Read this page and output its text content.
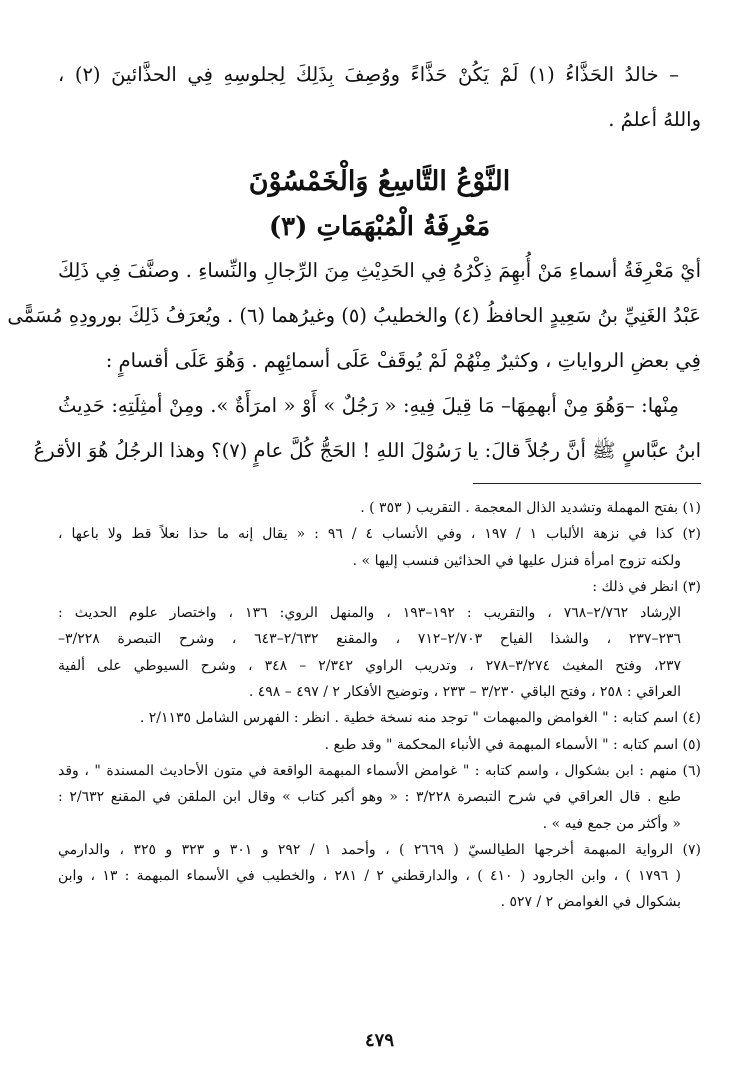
– خالدُ الحَذَّاءُ (١) لَمْ يَكُنْ حَذَّاءً ووُصِفَ بِذَلِكَ لِجلوسِهِ فِي الحذَّائينَ (٢) ،
واللهُ أعلمُ .
النَّوْعُ التَّاسِعُ وَالْخَمْسُوْنَ
مَعْرِفَةُ الْمُبْهَمَاتِ (٣)
أيْ مَعْرِفَةُ أسماءِ مَنْ أُبهِمَ ذِكْرُهُ فِي الحَدِيْثِ مِنَ الرِّجالِ والنِّساءِ . وصنَّفَ فِي ذَلِكَ
عَبْدُ الغَنِيِّ بنُ سَعِيدٍ الحافظُ (٤) والخطيبُ (٥) وغيرُهما (٦) . ويُعرَفُ ذَلِكَ بورودِهِ مُسَمًّى
فِي بعضِ الرواياتِ ، وكثيرٌ مِنْهُمْ لَمْ يُوقَفْ عَلَى أسمائِهِم . وَهُوَ عَلَى أقسامٍ :
مِنْها: –وَهُوَ مِنْ أبهمِهَا– مَا قِيلَ فِيهِ: « رَجُلٌ » أَوْ « امرَأَةٌ ». ومِنْ أمثِلَتِهِ: حَدِيثُ
ابنُ عبَّاسٍ ﷺ أنَّ رجُلاً قالَ: يا رَسُوْلَ اللهِ ! الحَجُّ كُلَّ عامٍ (٧)؟ وهذا الرجُلُ هُوَ الأقرعُ
(١) بفتح المهملة وتشديد الذال المعجمة . التقريب ( ٣٥٣ ) .
(٢) كذا في نزهة الألباب ١ / ١٩٧ ، وفي الأنساب ٤ / ٩٦ : « يقال إنه ما حذا نعلاً قط ولا باعها ،
ولكنه تزوج امرأة فنزل عليها في الحذائين فنسب إليها » .
(٣) انظر في ذلك :
الإرشاد ٢/٧٦٢–٧٦٨ ، والتقريب : ١٩٢–١٩٣ ، والمنهل الروي: ١٣٦ ، واختصار علوم الحديث :
٢٣٦–٢٣٧ ، والشذا الفياح ٢/٧٠٣–٧١٢ ، والمقنع ٢/٦٣٢–٦٤٣ ، وشرح التبصرة ٣/٢٢٨–
٢٣٧، وفتح المغيث ٣/٢٧٤–٢٧٨ ، وتدريب الراوي ٢/٣٤٢ – ٣٤٨ ، وشرح السيوطي على ألفية
العراقي : ٢٥٨ ، وفتح الباقي ٣/٢٣٠ – ٢٣٣ ، وتوضيح الأفكار ٢ / ٤٩٧ – ٤٩٨ .
(٤) اسم كتابه : " الغوامض والمبهمات " توجد منه نسخة خطية . انظر : الفهرس الشامل ٢/١١٣٥ .
(٥) اسم كتابه : " الأسماء المبهمة في الأنباء المحكمة " وقد طبع .
(٦) منهم : ابن بشكوال ، واسم كتابه : " غوامض الأسماء المبهمة الواقعة في متون الأحاديث المسندة " ، وقد
طبع . قال العراقي في شرح التبصرة ٣/٢٢٨ : « وهو أكبر كتاب » وقال ابن الملقن في المقنع ٢/٦٣٢ :
« وأكثر من جمع فيه » .
(٧) الرواية المبهمة أخرجها الطيالسيّ ( ٢٦٦٩ ) ، وأحمد ١ / ٢٩٢ و ٣٠١ و ٣٢٣ و ٣٢٥ ، والدارمي
( ١٧٩٦ ) ، وابن الجارود ( ٤١٠ ) ، والدارقطني ٢ / ٢٨١ ، والخطيب في الأسماء المبهمة : ١٣ ، وابن
بشكوال في الغوامض ٢ / ٥٢٧ .
٤٧٩
